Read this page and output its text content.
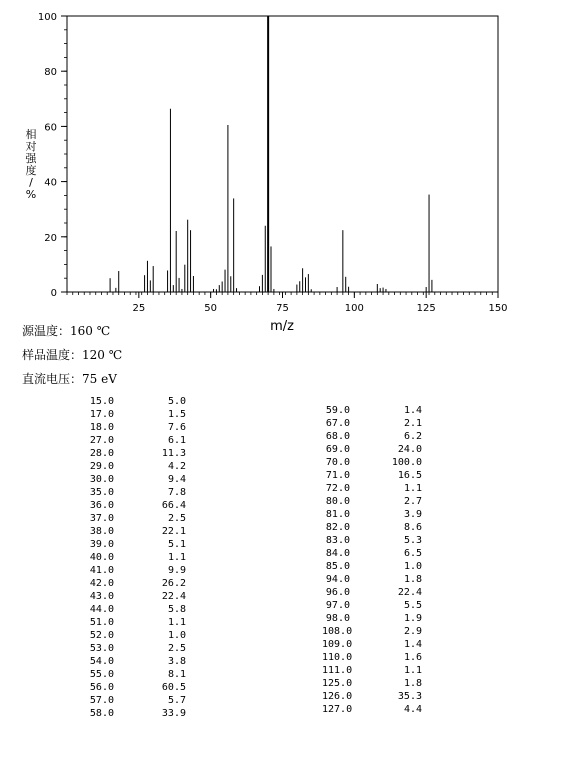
25	50	75	100	125	150
0
20
40
60
80
100
相对强度/ %
m/z
源温度：160 ℃
样品温度：120 ℃
直流电压：75 eV
15.0	5.0
17.0	1.5
18.0	7.6
27.0	6.1
28.0	11.3
29.0	4.2
30.0	9.4
35.0	7.8
36.0	66.4
37.0	2.5
38.0	22.1
39.0	5.1
40.0	1.1
41.0	9.9
42.0	26.2
43.0	22.4
44.0	5.8
51.0	1.1
52.0	1.0
53.0	2.5
54.0	3.8
55.0	8.1
56.0	60.5
57.0	5.7
58.0	33.9
59.0	1.4
67.0	2.1
68.0	6.2
69.0	24.0
70.0	100.0
71.0	16.5
72.0	1.1
80.0	2.7
81.0	3.9
82.0	8.6
83.0	5.3
84.0	6.5
85.0	1.0
94.0	1.8
96.0	22.4
97.0	5.5
98.0	1.9
108.0	2.9
109.0	1.4
110.0	1.6
111.0	1.1
125.0	1.8
126.0	35.3
127.0	4.4
